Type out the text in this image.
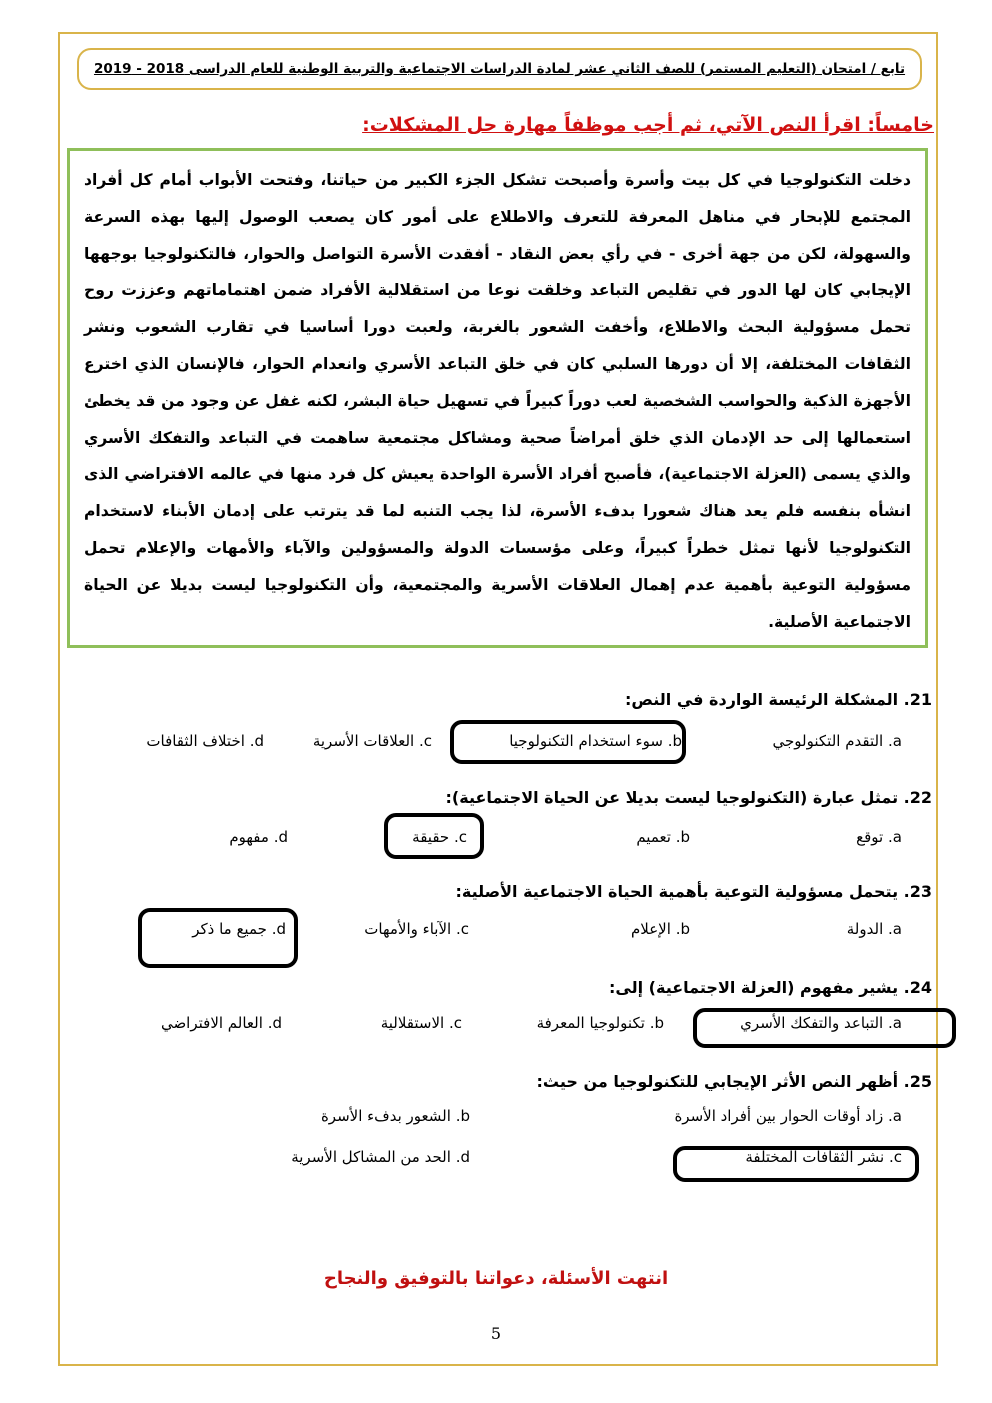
تابع / امتحان (التعليم المستمر) للصف الثاني عشر لمادة الدراسات الاجتماعية والتربية الوطنية للعام الدراسى 2018 - 2019
خامساً: اقرأ النص الآتي، ثم أجب موظفاً مهارة حل المشكلات:
دخلت التكنولوجيا في كل بيت وأسرة وأصبحت تشكل الجزء الكبير من حياتنا، وفتحت الأبواب أمام كل أفراد المجتمع للإبحار في مناهل المعرفة للتعرف والاطلاع على أمور كان يصعب الوصول إليها بهذه السرعة والسهولة، لكن من جهة أخرى - في رأي بعض النقاد - أفقدت الأسرة التواصل والحوار، فالتكنولوجيا بوجهها الإيجابي كان لها الدور في تقليص التباعد وخلقت نوعا من استقلالية الأفراد ضمن اهتماماتهم وعززت روح تحمل مسؤولية البحث والاطلاع، وأخفت الشعور بالغربة، ولعبت دورا أساسيا في تقارب الشعوب ونشر الثقافات المختلفة، إلا أن دورها السلبي كان في خلق التباعد الأسري وانعدام الحوار، فالإنسان الذي اخترع الأجهزة الذكية والحواسب الشخصية لعب دوراً كبيراً في تسهيل حياة البشر، لكنه غفل عن وجود من قد يخطئ استعمالها إلى حد الإدمان الذي خلق أمراضاً صحية ومشاكل مجتمعية ساهمت في التباعد والتفكك الأسري والذي يسمى (العزلة الاجتماعية)، فأصبح أفراد الأسرة الواحدة يعيش كل فرد منها في عالمه الافتراضي الذى انشأه بنفسه فلم يعد هناك شعورا بدفء الأسرة، لذا يجب التنبه لما قد يترتب على إدمان الأبناء لاستخدام التكنولوجيا لأنها تمثل خطراً كبيراً، وعلى مؤسسات الدولة والمسؤولين والآباء والأمهات والإعلام تحمل مسؤولية التوعية بأهمية عدم إهمال العلاقات الأسرية والمجتمعية، وأن التكنولوجيا ليست بديلا عن الحياة الاجتماعية الأصلية.
21. المشكلة الرئيسة الواردة في النص:
a. التقدم التكنولوجي
b. سوء استخدام التكنولوجيا
c. العلاقات الأسرية
d. اختلاف الثقافات
22. تمثل عبارة (التكنولوجيا ليست بديلا عن الحياة الاجتماعية):
a. توقع
b. تعميم
c. حقيقة
d. مفهوم
23. يتحمل مسؤولية التوعية بأهمية الحياة الاجتماعية الأصلية:
a. الدولة
b. الإعلام
c. الآباء والأمهات
d. جميع ما ذكر
24. يشير مفهوم (العزلة الاجتماعية) إلى:
a. التباعد والتفكك الأسري
b. تكنولوجيا المعرفة
c. الاستقلالية
d. العالم الافتراضي
25. أظهر النص الأثر الإيجابي للتكنولوجيا من حيث:
a. زاد أوقات الحوار بين أفراد الأسرة
b. الشعور بدفء الأسرة
c. نشر الثقافات المختلفة
d. الحد من المشاكل الأسرية
انتهت الأسئلة، دعواتنا بالتوفيق والنجاح
5
